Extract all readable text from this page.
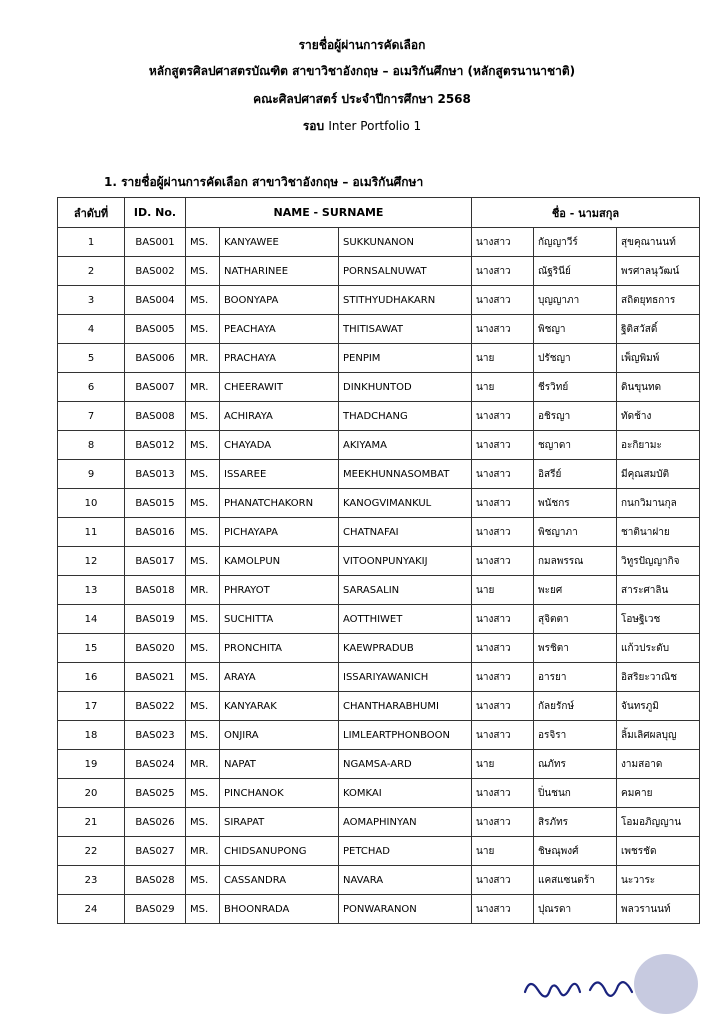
รายชื่อผู้ผ่านการคัดเลือก
หลักสูตรศิลปศาสตรบัณฑิต สาขาวิชาอังกฤษ – อเมริกันศึกษา (หลักสูตรนานาชาติ)
คณะศิลปศาสตร์ ประจำปีการศึกษา 2568
รอบ Inter Portfolio 1
1. รายชื่อผู้ผ่านการคัดเลือก สาขาวิชาอังกฤษ – อเมริกันศึกษา
ลำดับที่	ID. No.	NAME - SURNAME			ชื่อ - นามสกุล		
1	BAS001	MS.	KANYAWEE	SUKKUNANON	นางสาว	กัญญาวีร์	สุขคุณานนท์
2	BAS002	MS.	NATHARINEE	PORNSALNUWAT	นางสาว	ณัฐรินีย์	พรศาลนุวัฒน์
3	BAS004	MS.	BOONYAPA	STITHYUDHAKARN	นางสาว	บุญญาภา	สถิตยุทธการ
4	BAS005	MS.	PEACHAYA	THITISAWAT	นางสาว	พิชญา	ฐิติสวัสดิ์
5	BAS006	MR.	PRACHAYA	PENPIM	นาย	ปรัชญา	เพ็ญพิมพ์
6	BAS007	MR.	CHEERAWIT	DINKHUNTOD	นาย	ชีรวิทย์	ดินขุนทด
7	BAS008	MS.	ACHIRAYA	THADCHANG	นางสาว	อชิรญา	ทัดช้าง
8	BAS012	MS.	CHAYADA	AKIYAMA	นางสาว	ชญาดา	อะกิยามะ
9	BAS013	MS.	ISSAREE	MEEKHUNNASOMBAT	นางสาว	อิสรีย์	มีคุณสมบัติ
10	BAS015	MS.	PHANATCHAKORN	KANOGVIMANKUL	นางสาว	พนัชกร	กนกวิมานกุล
11	BAS016	MS.	PICHAYAPA	CHATNAFAI	นางสาว	พิชญาภา	ชาตินาฝาย
12	BAS017	MS.	KAMOLPUN	VITOONPUNYAKIJ	นางสาว	กมลพรรณ	วิทูรปัญญากิจ
13	BAS018	MR.	PHRAYOT	SARASALIN	นาย	พะยศ	สาระศาลิน
14	BAS019	MS.	SUCHITTA	AOTTHIWET	นางสาว	สุจิตตา	โอษฐิเวช
15	BAS020	MS.	PRONCHITA	KAEWPRADUB	นางสาว	พรชิตา	แก้วประดับ
16	BAS021	MS.	ARAYA	ISSARIYAWANICH	นางสาว	อารยา	อิสริยะวาณิช
17	BAS022	MS.	KANYARAK	CHANTHARABHUMI	นางสาว	กัลยรักษ์	จันทรภูมิ
18	BAS023	MS.	ONJIRA	LIMLEARTPHONBOON	นางสาว	อรจิรา	ลิ้มเลิศผลบุญ
19	BAS024	MR.	NAPAT	NGAMSA-ARD	นาย	ณภัทร	งามสอาด
20	BAS025	MS.	PINCHANOK	KOMKAI	นางสาว	ปิ่นชนก	คมคาย
21	BAS026	MS.	SIRAPAT	AOMAPHINYAN	นางสาว	สิรภัทร	โอมอภิญญาน
22	BAS027	MR.	CHIDSANUPONG	PETCHAD	นาย	ชิษณุพงศ์	เพชรชัด
23	BAS028	MS.	CASSANDRA	NAVARA	นางสาว	แคสแซนดร้า	นะวาระ
24	BAS029	MS.	BHOONRADA	PONWARANON	นางสาว	ปุณรดา	พลวรานนท์
